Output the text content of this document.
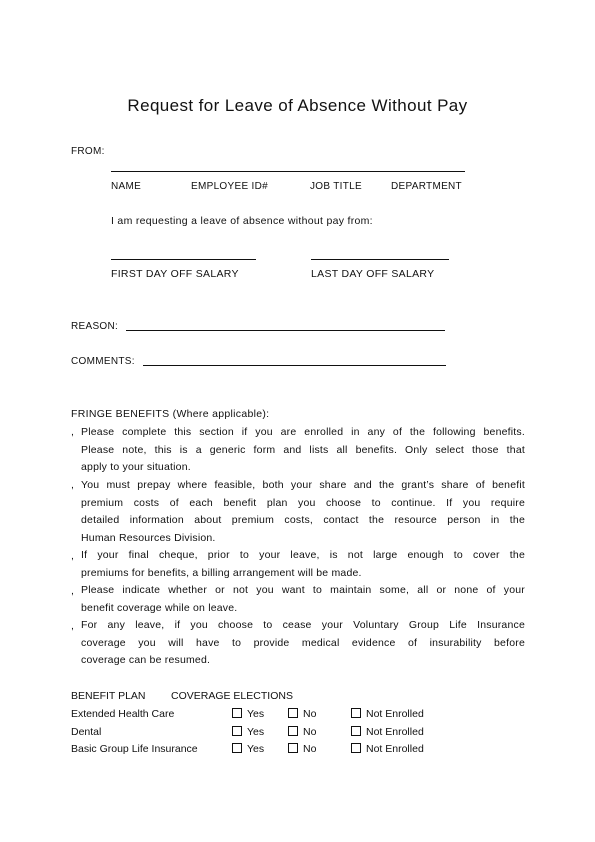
Request for Leave of Absence Without Pay
FROM:
NAME	EMPLOYEE ID#	JOB TITLE	DEPARTMENT
I am requesting a leave of absence without pay from:
FIRST DAY OFF SALARY	LAST DAY OFF SALARY
REASON:
COMMENTS:
FRINGE BENEFITS (Where applicable):
, Please complete this section if you are enrolled in any of the following benefits.
Please note, this is a generic form and lists all benefits. Only select those that
apply to your situation.
, You must prepay where feasible, both your share and the grant’s share of benefit
premium costs of each benefit plan you choose to continue. If you require
detailed information about premium costs, contact the resource person in the
Human Resources Division.
, If your final cheque, prior to your leave, is not large enough to cover the
premiums for benefits, a billing arrangement will be made.
, Please indicate whether or not you want to maintain some, all or none of your
benefit coverage while on leave.
, For any leave, if you choose to cease your Voluntary Group Life Insurance
coverage you will have to provide medical evidence of insurability before
coverage can be resumed.
BENEFIT PLAN COVERAGE ELECTIONS
Extended Health Care	Yes	No	Not Enrolled
Dental	Yes	No	Not Enrolled
Basic Group Life Insurance	Yes	No	Not Enrolled
